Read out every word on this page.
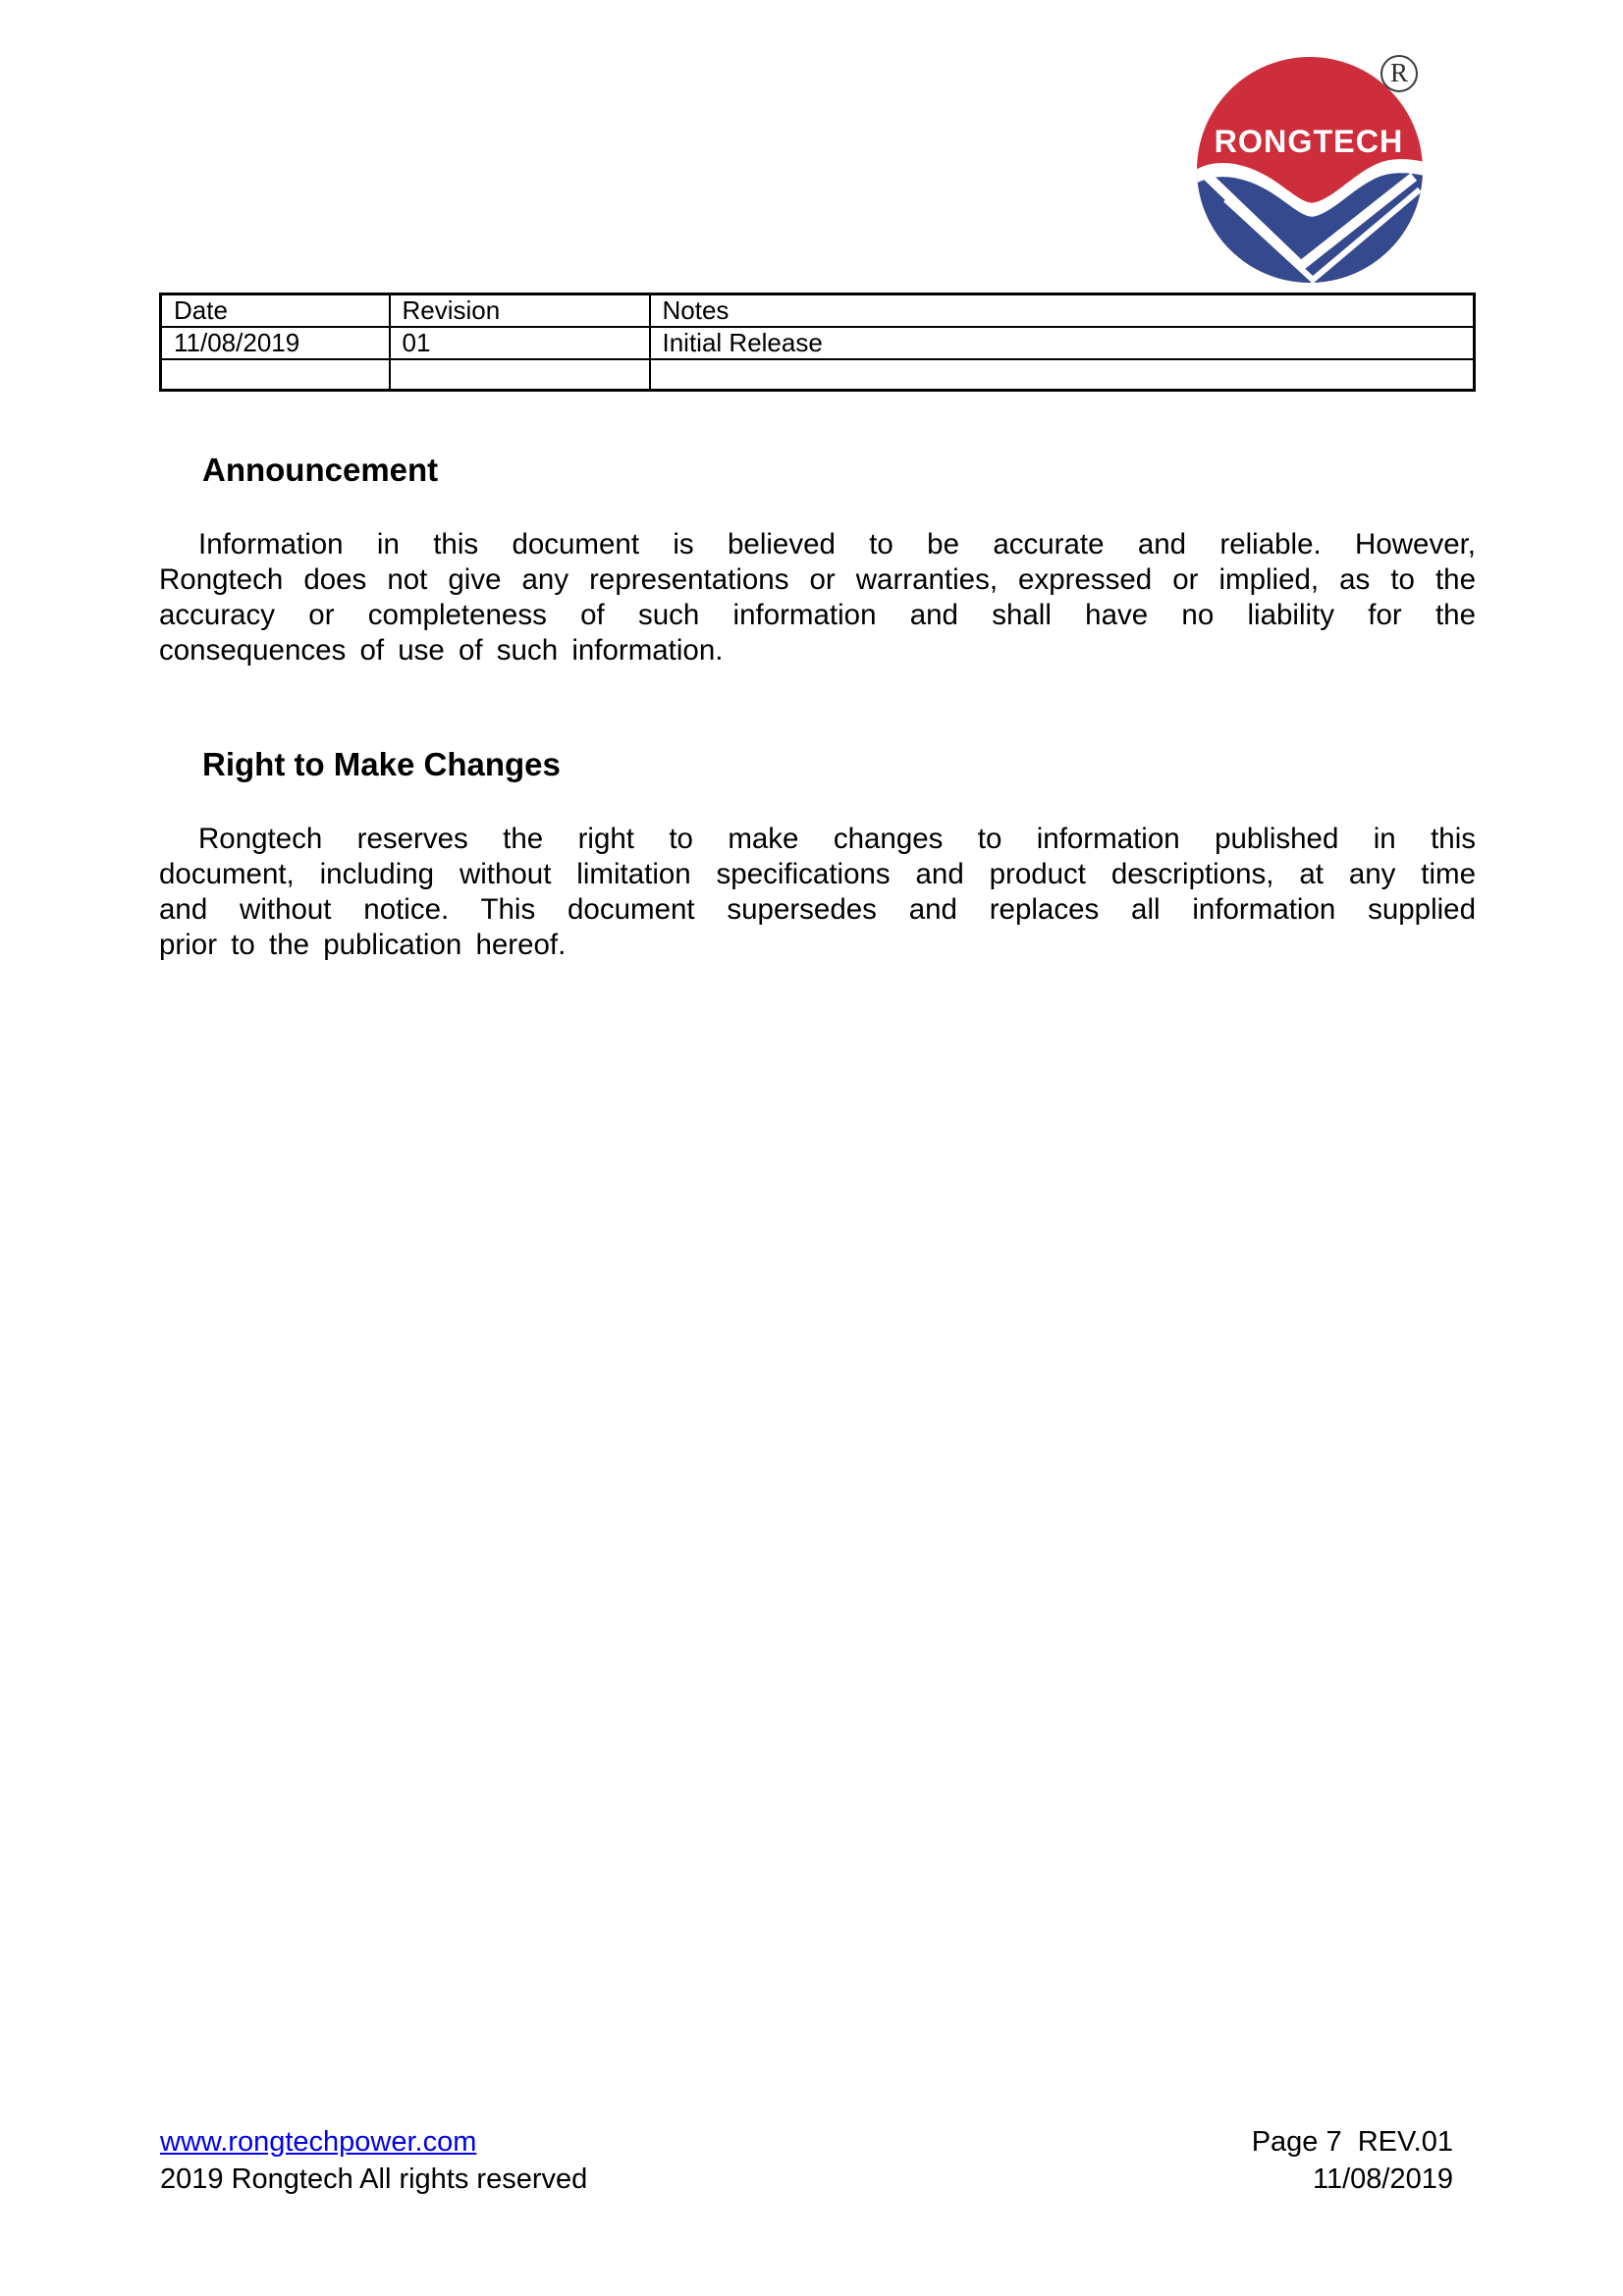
RONGTECH
R
Date	Revision	Notes
11/08/2019	01	Initial Release

Announcement
Information in this document is believed to be accurate and reliable. However,
Rongtech does not give any representations or warranties, expressed or implied, as to the
accuracy or completeness of such information and shall have no liability for the
consequences of use of such information.
Right to Make Changes
Rongtech reserves the right to make changes to information published in this
document, including without limitation specifications and product descriptions, at any time
and without notice. This document supersedes and replaces all information supplied
prior to the publication hereof.
www.rongtechpower.com
2019 Rongtech All rights reserved
Page 7  REV.01
11/08/2019
